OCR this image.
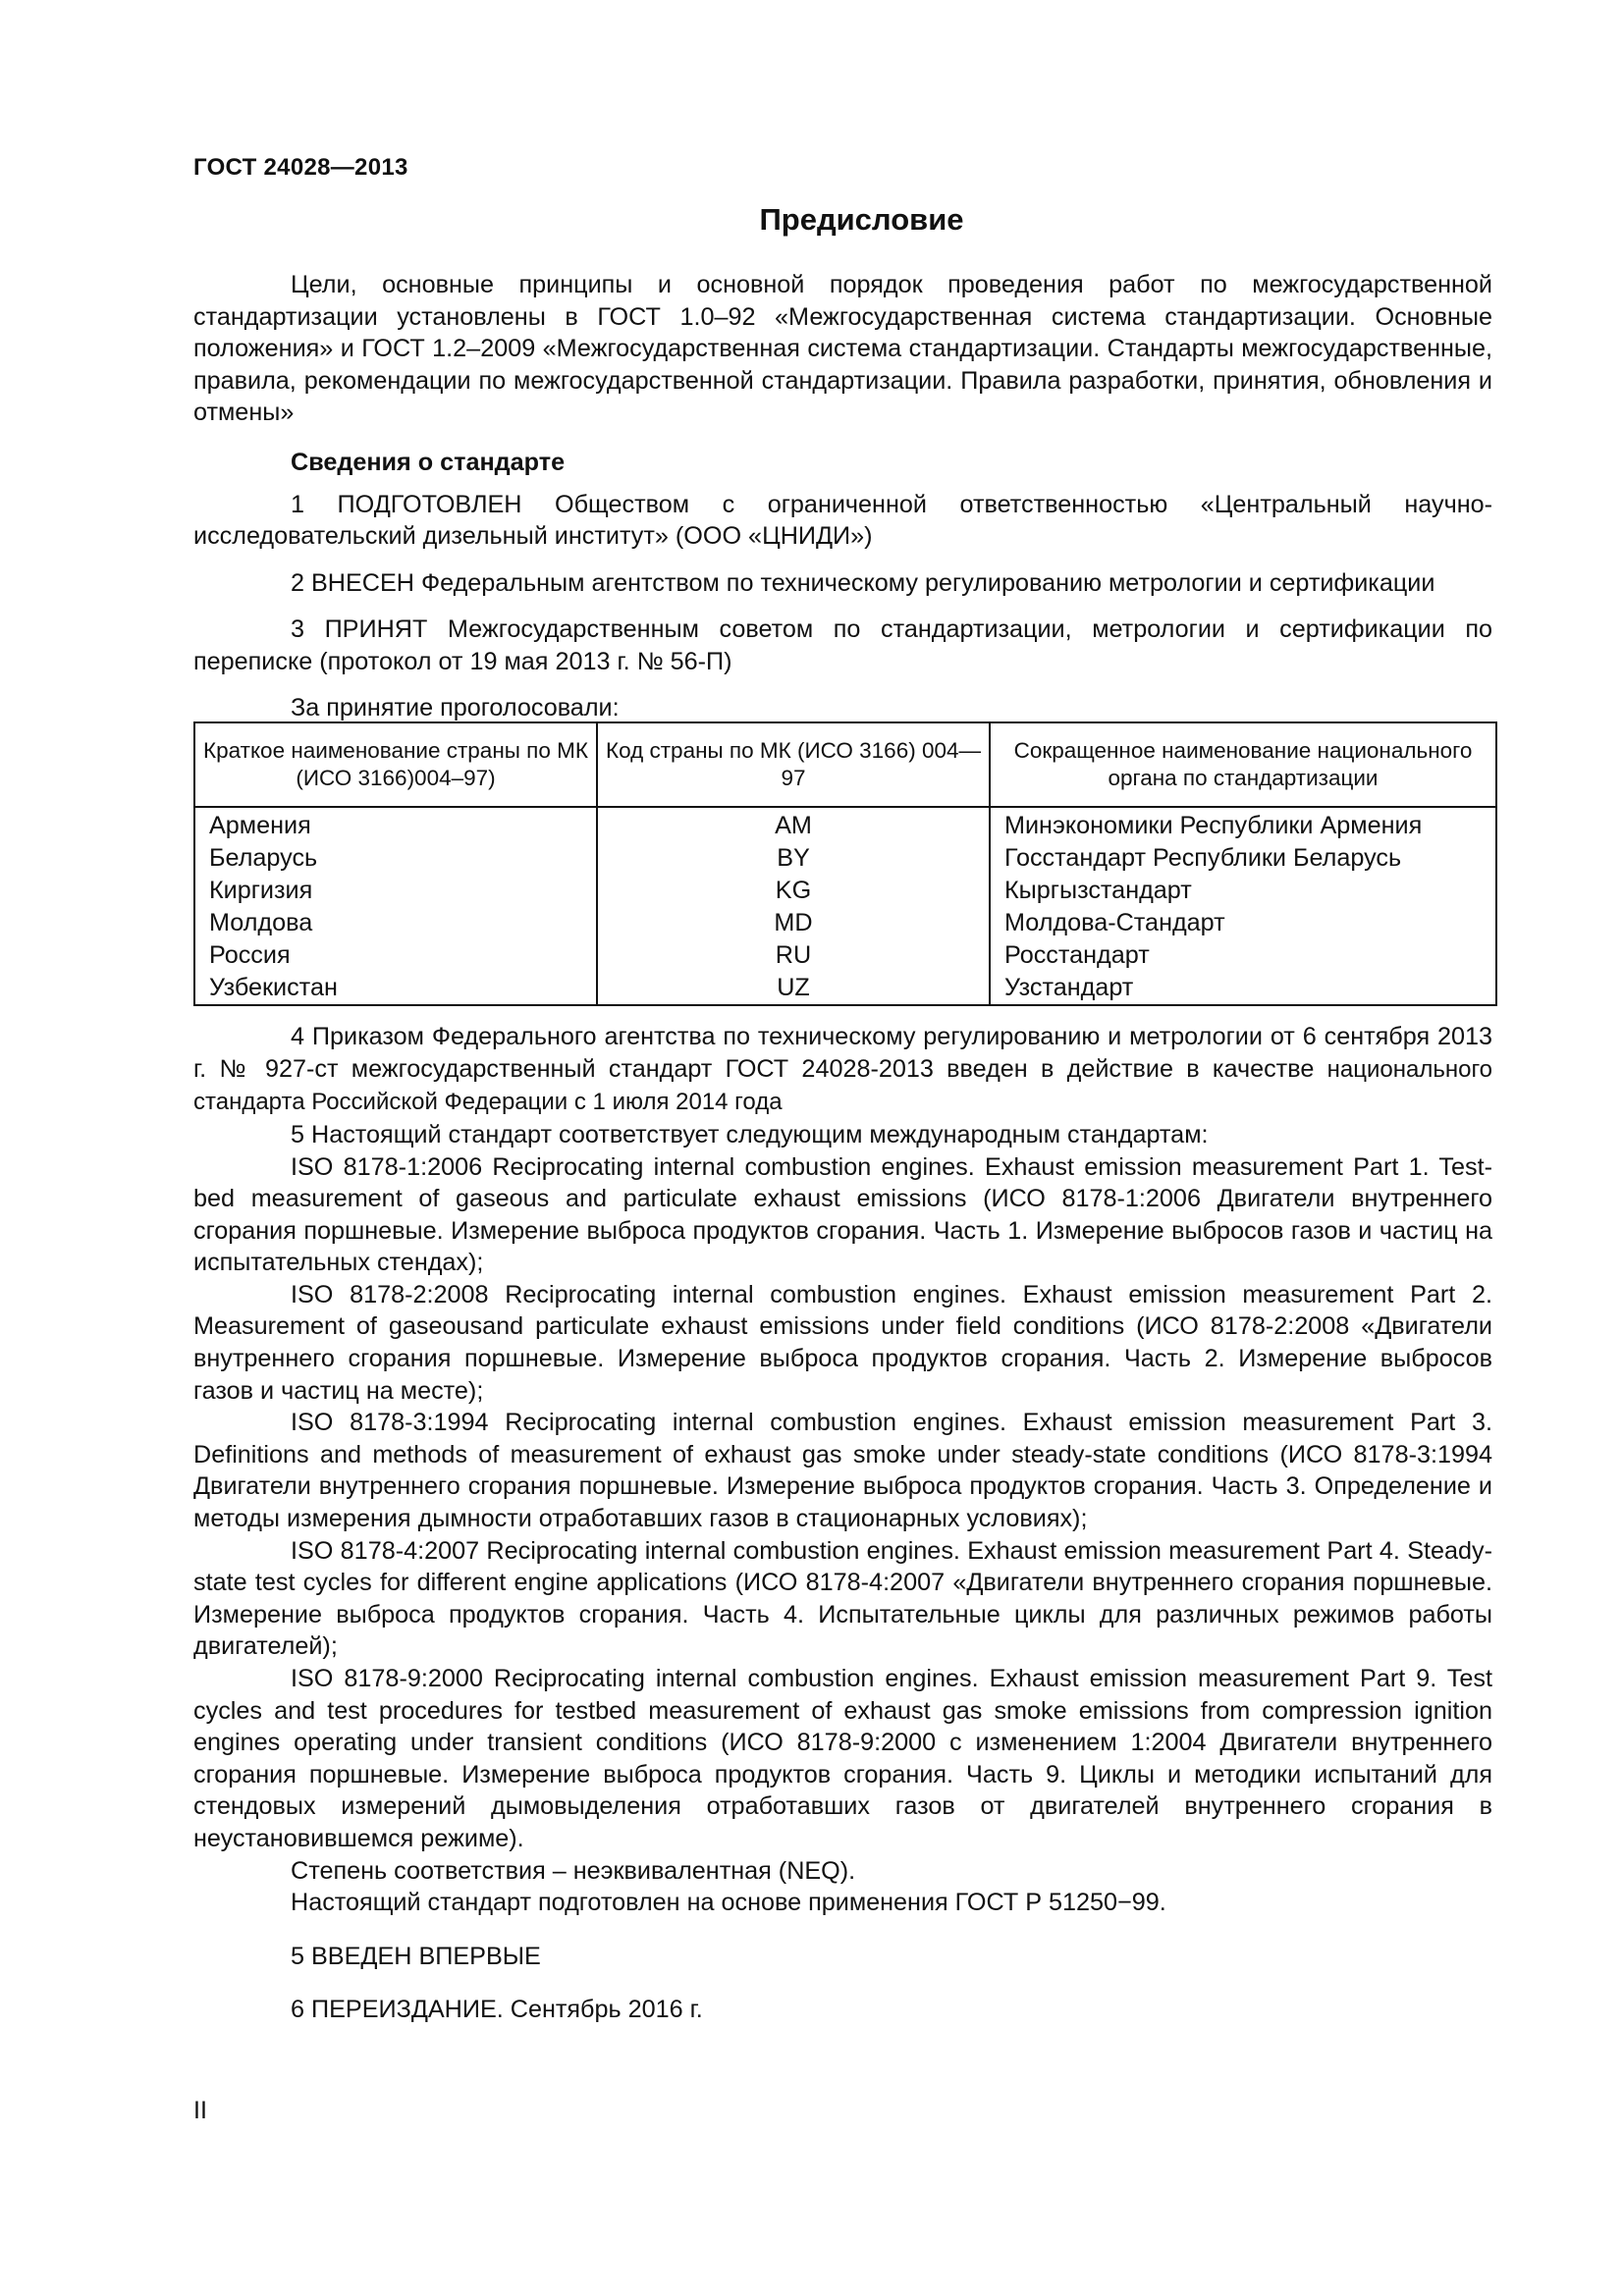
ГОСТ 24028—2013
Предисловие

Цели, основные принципы и основной порядок проведения работ по межгосударственной стандартизации установлены в ГОСТ 1.0–92 «Межгосударственная система стандартизации. Основные положения» и ГОСТ 1.2–2009 «Межгосударственная система стандартизации. Стандарты межгосударственные, правила, рекомендации по межгосударственной стандартизации. Правила разработки, принятия, обновления и отмены»

Сведения о стандарте

1 ПОДГОТОВЛЕН Обществом с ограниченной ответственностью «Центральный научно-исследовательский дизельный институт» (ООО «ЦНИДИ»)

2 ВНЕСЕН Федеральным агентством по техническому регулированию метрологии и сертификации

3 ПРИНЯТ Межгосударственным советом по стандартизации, метрологии и сертификации по переписке (протокол от 19 мая 2013 г. № 56-П)

За принятие проголосовали:

Краткое наименование страны по МК (ИСО 3166)004–97)	Код страны по МК (ИСО 3166) 004—97	Сокращенное наименование национального органа по стандартизации
Армения	AM	Минэкономики Республики Армения
Беларусь	BY	Госстандарт Республики Беларусь
Киргизия	KG	Кыргызстандарт
Молдова	MD	Молдова-Стандарт
Россия	RU	Росстандарт
Узбекистан	UZ	Узстандарт

4 Приказом Федерального агентства по техническому регулированию и метрологии от 6 сентября 2013 г. № 927-ст межгосударственный стандарт ГОСТ 24028-2013 введен в действие в качестве национального стандарта Российской Федерации с 1 июля 2014 года

5 Настоящий стандарт соответствует следующим международным стандартам:

ISO 8178-1:2006 Reciprocating internal combustion engines. Exhaust emission measurement Part 1. Test-bed measurement of gaseous and particulate exhaust emissions (ИСО 8178-1:2006 Двигатели внутреннего сгорания поршневые. Измерение выброса продуктов сгорания. Часть 1. Измерение выбросов газов и частиц на испытательных стендах);

ISO 8178-2:2008 Reciprocating internal combustion engines. Exhaust emission measurement Part 2. Measurement of gaseousand particulate exhaust emissions under field conditions (ИСО 8178-2:2008 «Двигатели внутреннего сгорания поршневые. Измерение выброса продуктов сгорания. Часть 2. Измерение выбросов газов и частиц на месте);

ISO 8178-3:1994 Reciprocating internal combustion engines. Exhaust emission measurement Part 3. Definitions and methods of measurement of exhaust gas smoke under steady-state conditions (ИСО 8178-3:1994 Двигатели внутреннего сгорания поршневые. Измерение выброса продуктов сгорания. Часть 3. Определение и методы измерения дымности отработавших газов в стационарных условиях);

ISO 8178-4:2007 Reciprocating internal combustion engines. Exhaust emission measurement Part 4. Steady-state test cycles for different engine applications (ИСО 8178-4:2007 «Двигатели внутреннего сгорания поршневые. Измерение выброса продуктов сгорания. Часть 4. Испытательные циклы для различных режимов работы двигателей);

ISO 8178-9:2000 Reciprocating internal combustion engines. Exhaust emission measurement Part 9. Test cycles and test procedures for testbed measurement of exhaust gas smoke emissions from compression ignition engines operating under transient conditions (ИСО 8178-9:2000 с изменением 1:2004 Двигатели внутреннего сгорания поршневые. Измерение выброса продуктов сгорания. Часть 9. Циклы и методики испытаний для стендовых измерений дымовыделения отработавших газов от двигателей внутреннего сгорания в неустановившемся режиме).

Степень соответствия – неэквивалентная (NEQ).

Настоящий стандарт подготовлен на основе применения ГОСТ Р 51250−99.

5 ВВЕДЕН ВПЕРВЫЕ

6 ПЕРЕИЗДАНИЕ. Сентябрь 2016 г.

II
